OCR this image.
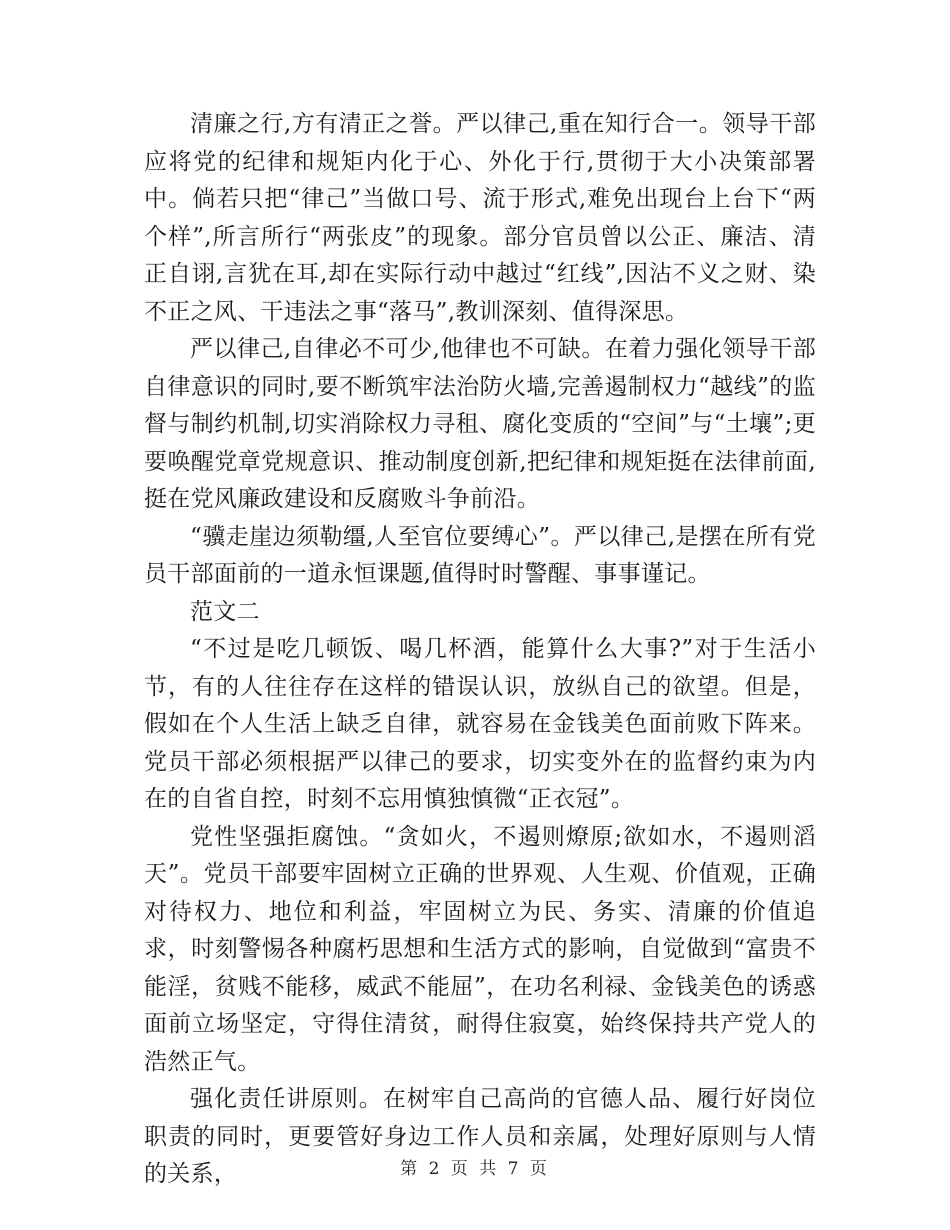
清廉之行,方有清正之誉。严以律己,重在知行合一。领导干部应将党的纪律和规矩内化于心、外化于行,贯彻于大小决策部署中。倘若只把“律己”当做口号、流于形式,难免出现台上台下“两个样”,所言所行“两张皮”的现象。部分官员曾以公正、廉洁、清正自诩,言犹在耳,却在实际行动中越过“红线”,因沾不义之财、染不正之风、干违法之事“落马”,教训深刻、值得深思。

严以律己,自律必不可少,他律也不可缺。在着力强化领导干部自律意识的同时,要不断筑牢法治防火墙,完善遏制权力“越线”的监督与制约机制,切实消除权力寻租、腐化变质的“空间”与“土壤”;更要唤醒党章党规意识、推动制度创新,把纪律和规矩挺在法律前面,挺在党风廉政建设和反腐败斗争前沿。

“骥走崖边须勒缰,人至官位要缚心”。严以律己,是摆在所有党员干部面前的一道永恒课题,值得时时警醒、事事谨记。

范文二

“不过是吃几顿饭、喝几杯酒，能算什么大事?”对于生活小节，有的人往往存在这样的错误认识，放纵自己的欲望。但是，假如在个人生活上缺乏自律，就容易在金钱美色面前败下阵来。党员干部必须根据严以律己的要求，切实变外在的监督约束为内在的自省自控，时刻不忘用慎独慎微“正衣冠”。

党性坚强拒腐蚀。“贪如火，不遏则燎原;欲如水，不遏则滔天”。党员干部要牢固树立正确的世界观、人生观、价值观，正确对待权力、地位和利益，牢固树立为民、务实、清廉的价值追求，时刻警惕各种腐朽思想和生活方式的影响，自觉做到“富贵不能淫，贫贱不能移，威武不能屈”，在功名利禄、金钱美色的诱惑面前立场坚定，守得住清贫，耐得住寂寞，始终保持共产党人的浩然正气。

强化责任讲原则。在树牢自己高尚的官德人品、履行好岗位职责的同时，更要管好身边工作人员和亲属，处理好原则与人情的关系，	第 2 页 共 7 页
